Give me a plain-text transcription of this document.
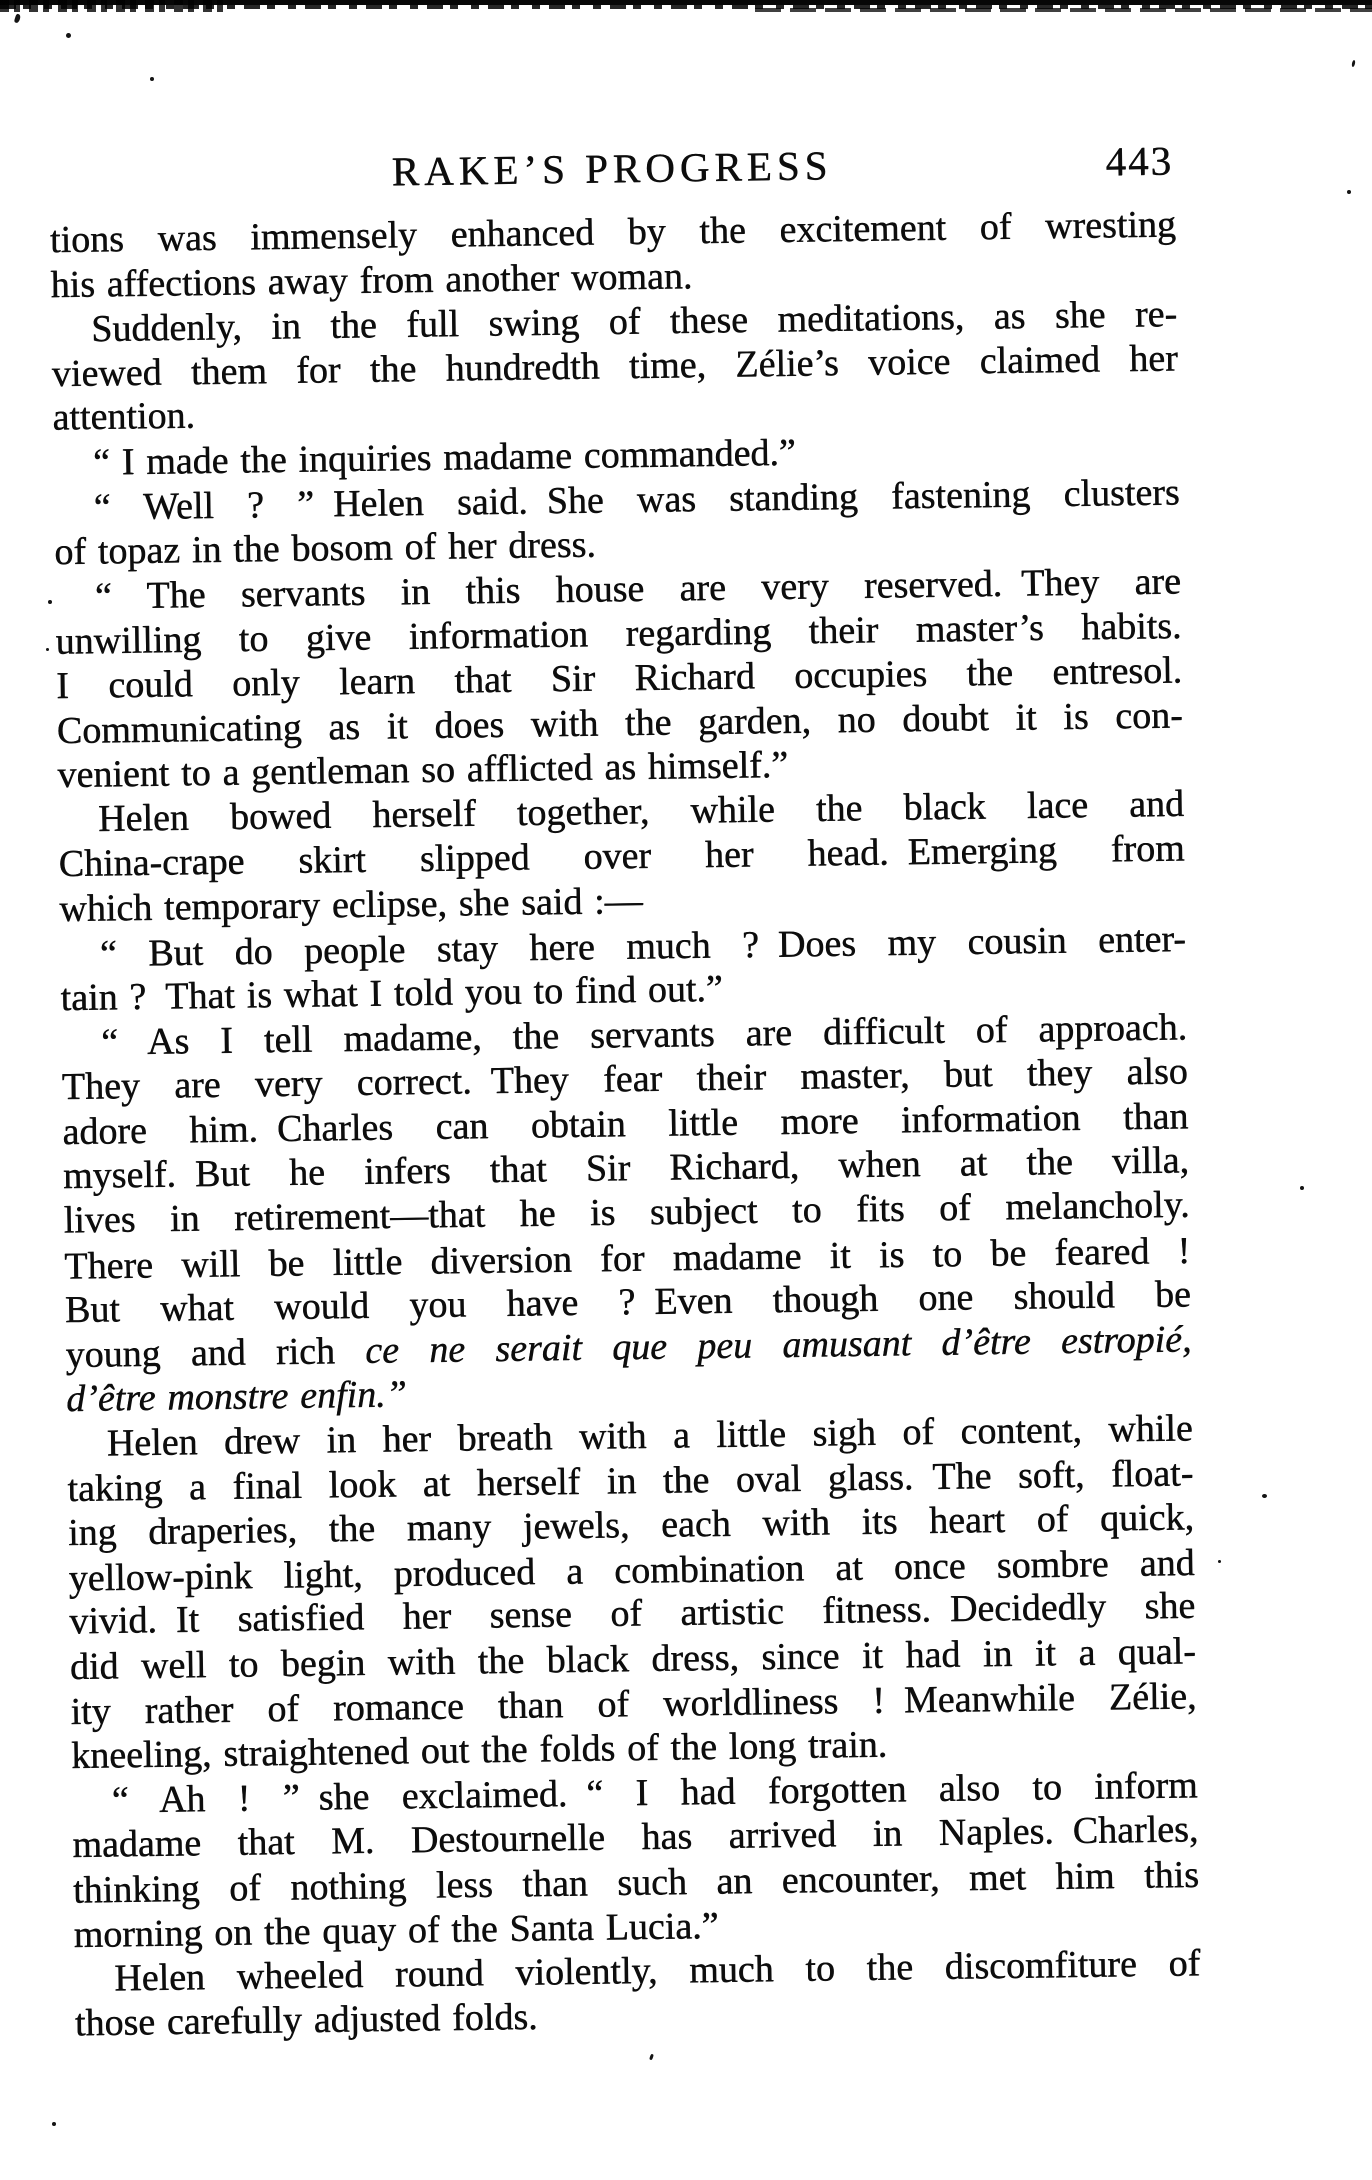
RAKE’S PROGRESS	443
tions was immensely enhanced by the excitement of wresting
his affections away from another woman.
Suddenly, in the full swing of these meditations, as she re-
viewed them for the hundredth time, Zélie’s voice claimed her
attention.
“ I made the inquiries madame commanded.”
“ Well ? ” Helen said. She was standing fastening clusters
of topaz in the bosom of her dress.
“ The servants in this house are very reserved. They are
unwilling to give information regarding their master’s habits.
I could only learn that Sir Richard occupies the entresol.
Communicating as it does with the garden, no doubt it is con-
venient to a gentleman so afflicted as himself.”
Helen bowed herself together, while the black lace and
China-crape skirt slipped over her head. Emerging from
which temporary eclipse, she said :—
“ But do people stay here much ? Does my cousin enter-
tain ? That is what I told you to find out.”
“ As I tell madame, the servants are difficult of approach.
They are very correct. They fear their master, but they also
adore him. Charles can obtain little more information than
myself. But he infers that Sir Richard, when at the villa,
lives in retirement—that he is subject to fits of melancholy.
There will be little diversion for madame it is to be feared !
But what would you have ? Even though one should be
young and rich ce ne serait que peu amusant d’être estropié,
d’être monstre enfin.”
Helen drew in her breath with a little sigh of content, while
taking a final look at herself in the oval glass. The soft, float-
ing draperies, the many jewels, each with its heart of quick,
yellow-pink light, produced a combination at once sombre and
vivid. It satisfied her sense of artistic fitness. Decidedly she
did well to begin with the black dress, since it had in it a qual-
ity rather of romance than of worldliness ! Meanwhile Zélie,
kneeling, straightened out the folds of the long train.
“ Ah ! ” she exclaimed. “ I had forgotten also to inform
madame that M. Destournelle has arrived in Naples. Charles,
thinking of nothing less than such an encounter, met him this
morning on the quay of the Santa Lucia.”
Helen wheeled round violently, much to the discomfiture of
those carefully adjusted folds.
